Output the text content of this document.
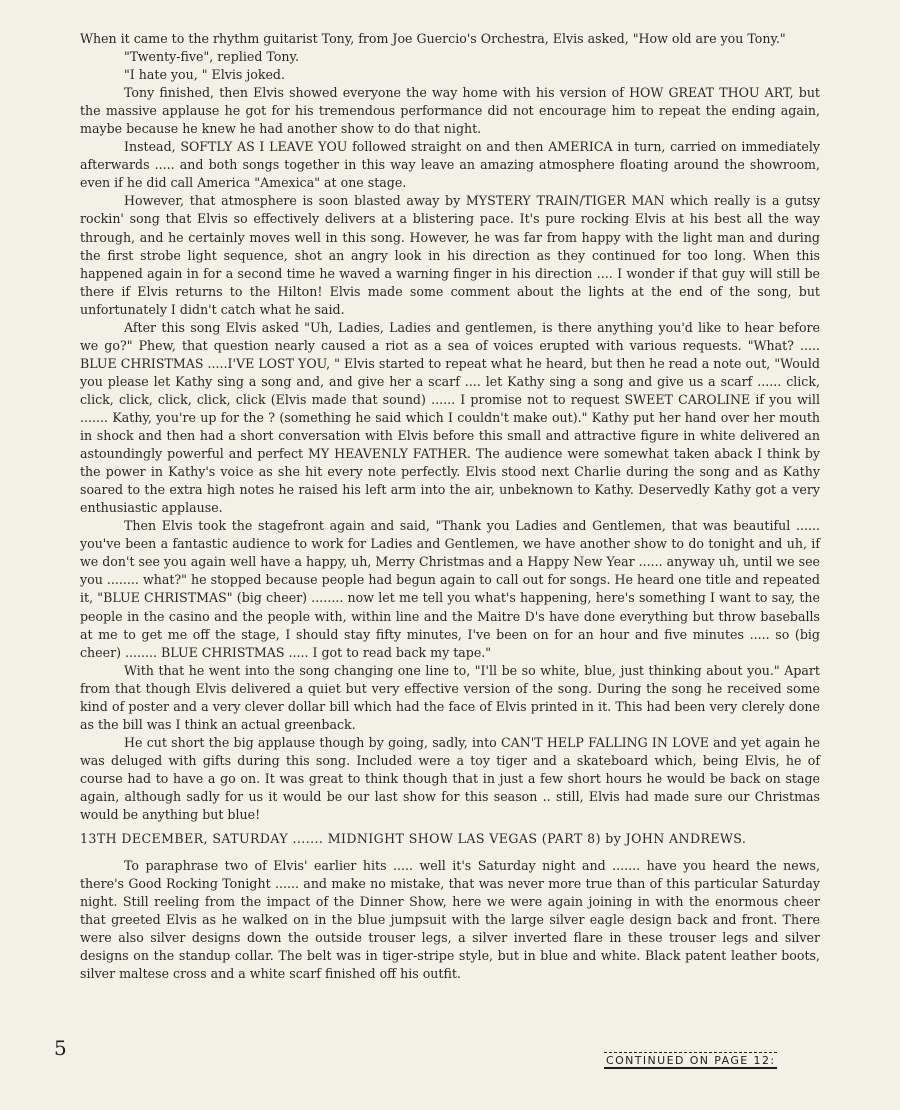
When it came to the rhythm guitarist Tony, from Joe Guercio's Orchestra, Elvis asked, "How old are you Tony."

"Twenty-five", replied Tony.

"I hate you, " Elvis joked.

Tony finished, then Elvis showed everyone the way home with his version of HOW GREAT THOU ART, but the massive applause he got for his tremendous performance did not encourage him to repeat the ending again, maybe because he knew he had another show to do that night.

Instead, SOFTLY AS I LEAVE YOU followed straight on and then AMERICA in turn, carried on immediately afterwards ..... and both songs together in this way leave an amazing atmosphere floating around the showroom, even if he did call America "Amexica" at one stage.

However, that atmosphere is soon blasted away by MYSTERY TRAIN/TIGER MAN which really is a gutsy rockin' song that Elvis so effectively delivers at a blistering pace. It's pure rocking Elvis at his best all the way through, and he certainly moves well in this song. However, he was far from happy with the light man and during the first strobe light sequence, shot an angry look in his direction as they continued for too long. When this happened again in for a second time he waved a warning finger in his direction .... I wonder if that guy will still be there if Elvis returns to the Hilton! Elvis made some comment about the lights at the end of the song, but unfortunately I didn't catch what he said.

After this song Elvis asked "Uh, Ladies, Ladies and gentlemen, is there anything you'd like to hear before we go?" Phew, that question nearly caused a riot as a sea of voices erupted with various requests. "What? ..... BLUE CHRISTMAS .....I'VE LOST YOU, " Elvis started to repeat what he heard, but then he read a note out, "Would you please let Kathy sing a song and, and give her a scarf .... let Kathy sing a song and give us a scarf ...... click, click, click, click, click, click (Elvis made that sound) ...... I promise not to request SWEET CAROLINE if you will ....... Kathy, you're up for the ? (something he said which I couldn't make out)." Kathy put her hand over her mouth in shock and then had a short conversation with Elvis before this small and attractive figure in white delivered an astoundingly powerful and perfect MY HEAVENLY FATHER. The audience were somewhat taken aback I think by the power in Kathy's voice as she hit every note perfectly. Elvis stood next Charlie during the song and as Kathy soared to the extra high notes he raised his left arm into the air, unbeknown to Kathy. Deservedly Kathy got a very enthusiastic applause.

Then Elvis took the stagefront again and said, "Thank you Ladies and Gentlemen, that was beautiful ...... you've been a fantastic audience to work for Ladies and Gentlemen, we have another show to do tonight and uh, if we don't see you again well have a happy, uh, Merry Christmas and a Happy New Year ...... anyway uh, until we see you ........ what?" he stopped because people had begun again to call out for songs. He heard one title and repeated it, "BLUE CHRISTMAS" (big cheer) ........ now let me tell you what's happening, here's something I want to say, the people in the casino and the people with, within line and the Maitre D's have done everything but throw baseballs at me to get me off the stage, I should stay fifty minutes, I've been on for an hour and five minutes ..... so (big cheer) ........ BLUE CHRISTMAS ..... I got to read back my tape."

With that he went into the song changing one line to, "I'll be so white, blue, just thinking about you." Apart from that though Elvis delivered a quiet but very effective version of the song. During the song he received some kind of poster and a very clever dollar bill which had the face of Elvis printed in it. This had been very clerely done as the bill was I think an actual greenback.

He cut short the big applause though by going, sadly, into CAN'T HELP FALLING IN LOVE and yet again he was deluged with gifts during this song. Included were a toy tiger and a skateboard which, being Elvis, he of course had to have a go on. It was great to think though that in just a few short hours he would be back on stage again, although sadly for us it would be our last show for this season .. still, Elvis had made sure our Christmas would be anything but blue!

13TH DECEMBER, SATURDAY ....... MIDNIGHT SHOW LAS VEGAS (PART 8) by JOHN ANDREWS.

To paraphrase two of Elvis' earlier hits ..... well it's Saturday night and ....... have you heard the news, there's Good Rocking Tonight ...... and make no mistake, that was never more true than of this particular Saturday night. Still reeling from the impact of the Dinner Show, here we were again joining in with the enormous cheer that greeted Elvis as he walked on in the blue jumpsuit with the large silver eagle design back and front. There were also silver designs down the outside trouser legs, a silver inverted flare in these trouser legs and silver designs on the standup collar. The belt was in tiger-stripe style, but in blue and white. Black patent leather boots, silver maltese cross and a white scarf finished off his outfit.

5
CONTINUED ON PAGE 12:
